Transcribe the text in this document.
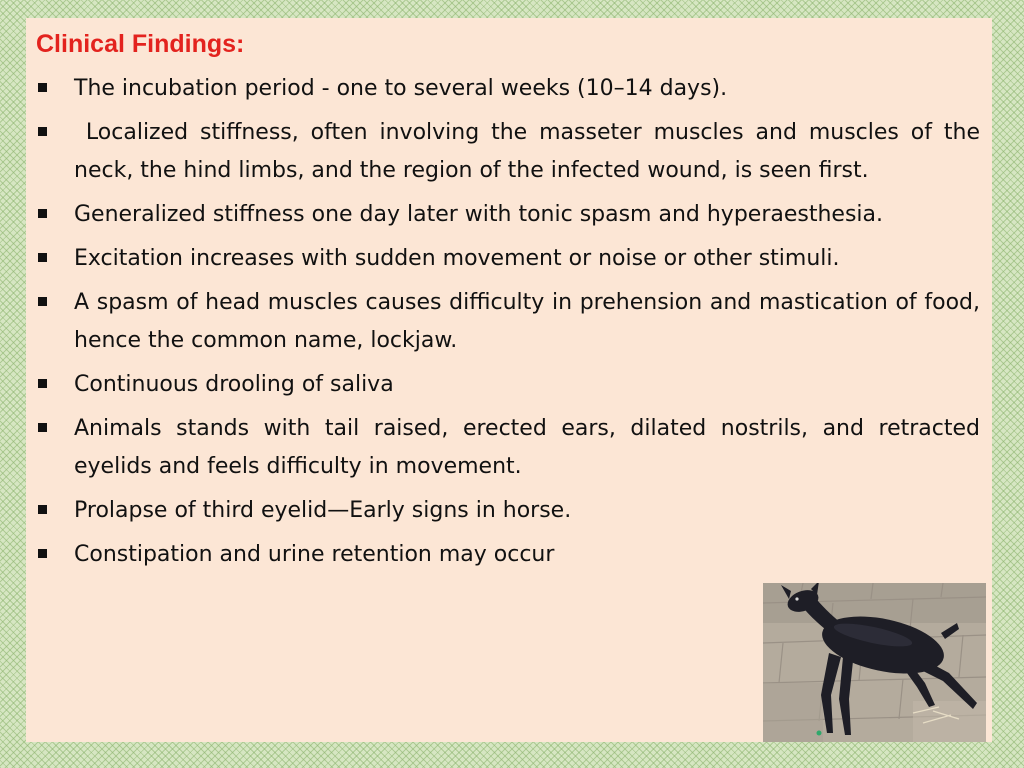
Clinical Findings:
The incubation period - one to several weeks (10–14 days).
Localized stiffness, often involving the masseter muscles and muscles of the neck, the hind limbs, and the region of the infected wound, is seen first.
Generalized stiffness one day later with tonic spasm and hyperaesthesia.
Excitation increases with sudden movement or noise or other stimuli.
A spasm of head muscles causes difficulty in prehension and mastication of food, hence the common name, lockjaw.
Continuous drooling of saliva
Animals stands with tail raised, erected ears, dilated nostrils, and retracted eyelids and feels difficulty in movement.
Prolapse of third eyelid—Early signs in horse.
Constipation and urine retention may occur
